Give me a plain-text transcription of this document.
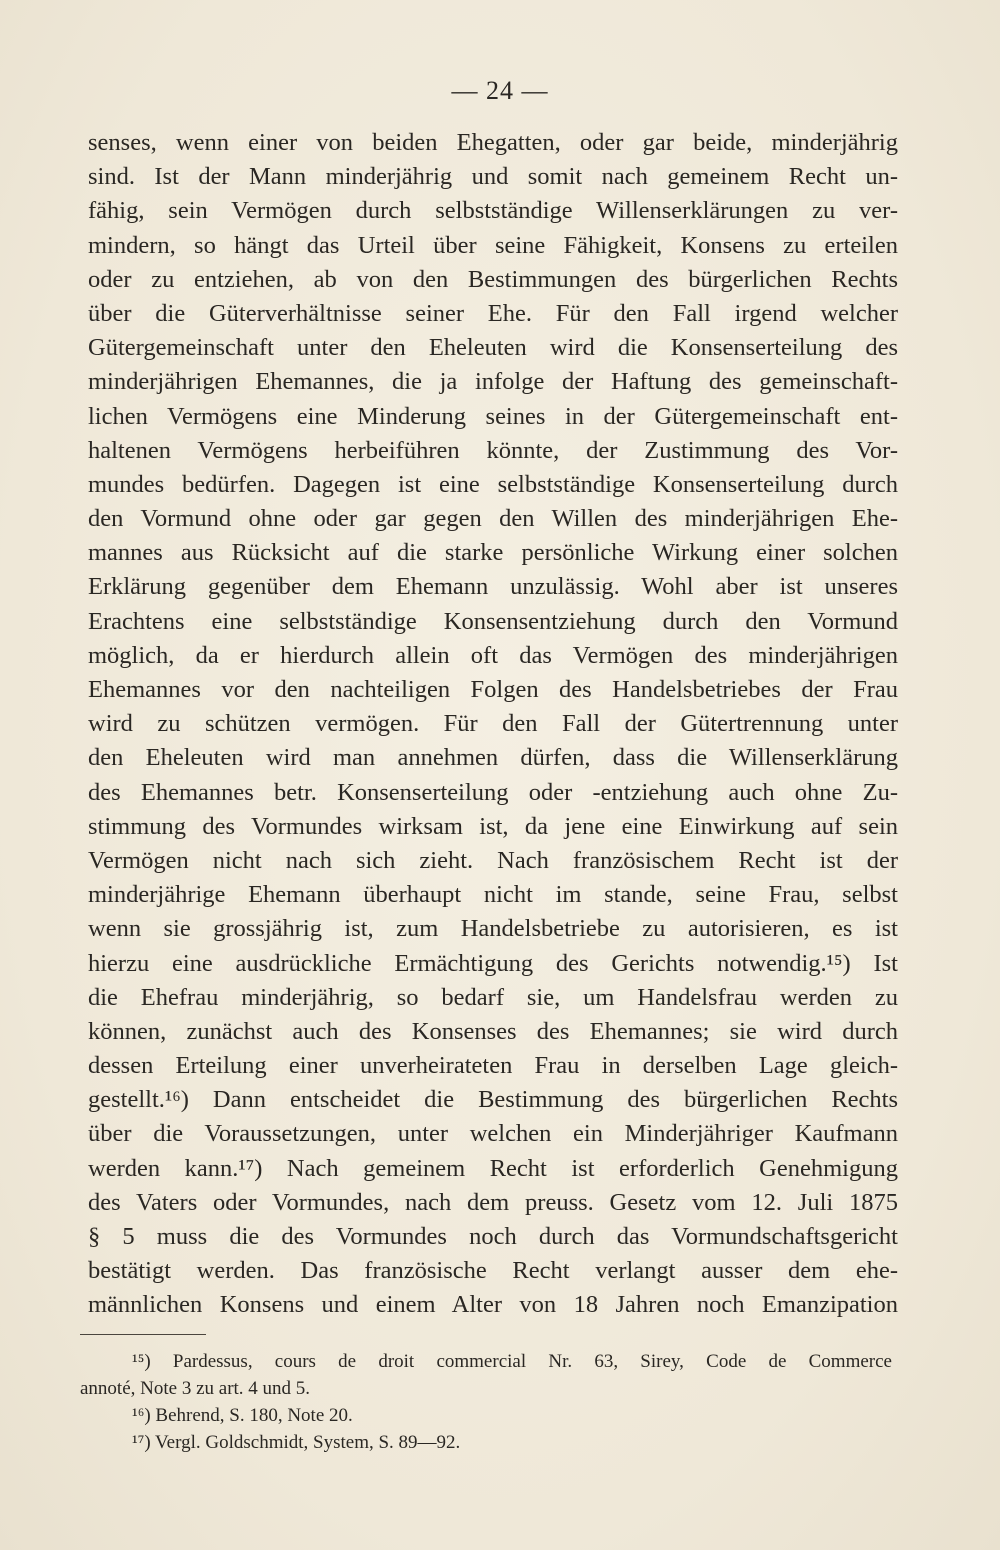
— 24 —
senses, wenn einer von beiden Ehegatten, oder gar beide, minderjährig
sind. Ist der Mann minderjährig und somit nach gemeinem Recht un-
fähig, sein Vermögen durch selbstständige Willenserklärungen zu ver-
mindern, so hängt das Urteil über seine Fähigkeit, Konsens zu erteilen
oder zu entziehen, ab von den Bestimmungen des bürgerlichen Rechts
über die Güterverhältnisse seiner Ehe. Für den Fall irgend welcher
Gütergemeinschaft unter den Eheleuten wird die Konsenserteilung des
minderjährigen Ehemannes, die ja infolge der Haftung des gemeinschaft-
lichen Vermögens eine Minderung seines in der Gütergemeinschaft ent-
haltenen Vermögens herbeiführen könnte, der Zustimmung des Vor-
mundes bedürfen. Dagegen ist eine selbstständige Konsenserteilung durch
den Vormund ohne oder gar gegen den Willen des minderjährigen Ehe-
mannes aus Rücksicht auf die starke persönliche Wirkung einer solchen
Erklärung gegenüber dem Ehemann unzulässig. Wohl aber ist unseres
Erachtens eine selbstständige Konsensentziehung durch den Vormund
möglich, da er hierdurch allein oft das Vermögen des minderjährigen
Ehemannes vor den nachteiligen Folgen des Handelsbetriebes der Frau
wird zu schützen vermögen. Für den Fall der Gütertrennung unter
den Eheleuten wird man annehmen dürfen, dass die Willenserklärung
des Ehemannes betr. Konsenserteilung oder -entziehung auch ohne Zu-
stimmung des Vormundes wirksam ist, da jene eine Einwirkung auf sein
Vermögen nicht nach sich zieht. Nach französischem Recht ist der
minderjährige Ehemann überhaupt nicht im stande, seine Frau, selbst
wenn sie grossjährig ist, zum Handelsbetriebe zu autorisieren, es ist
hierzu eine ausdrückliche Ermächtigung des Gerichts notwendig.¹⁵) Ist
die Ehefrau minderjährig, so bedarf sie, um Handelsfrau werden zu
können, zunächst auch des Konsenses des Ehemannes; sie wird durch
dessen Erteilung einer unverheirateten Frau in derselben Lage gleich-
gestellt.¹⁶) Dann entscheidet die Bestimmung des bürgerlichen Rechts
über die Voraussetzungen, unter welchen ein Minderjähriger Kaufmann
werden kann.¹⁷) Nach gemeinem Recht ist erforderlich Genehmigung
des Vaters oder Vormundes, nach dem preuss. Gesetz vom 12. Juli 1875
§ 5 muss die des Vormundes noch durch das Vormundschaftsgericht
bestätigt werden. Das französische Recht verlangt ausser dem ehe-
männlichen Konsens und einem Alter von 18 Jahren noch Emanzipation
¹⁵) Pardessus, cours de droit commercial Nr. 63, Sirey, Code de Commerce
annoté, Note 3 zu art. 4 und 5.
¹⁶) Behrend, S. 180, Note 20.
¹⁷) Vergl. Goldschmidt, System, S. 89—92.
